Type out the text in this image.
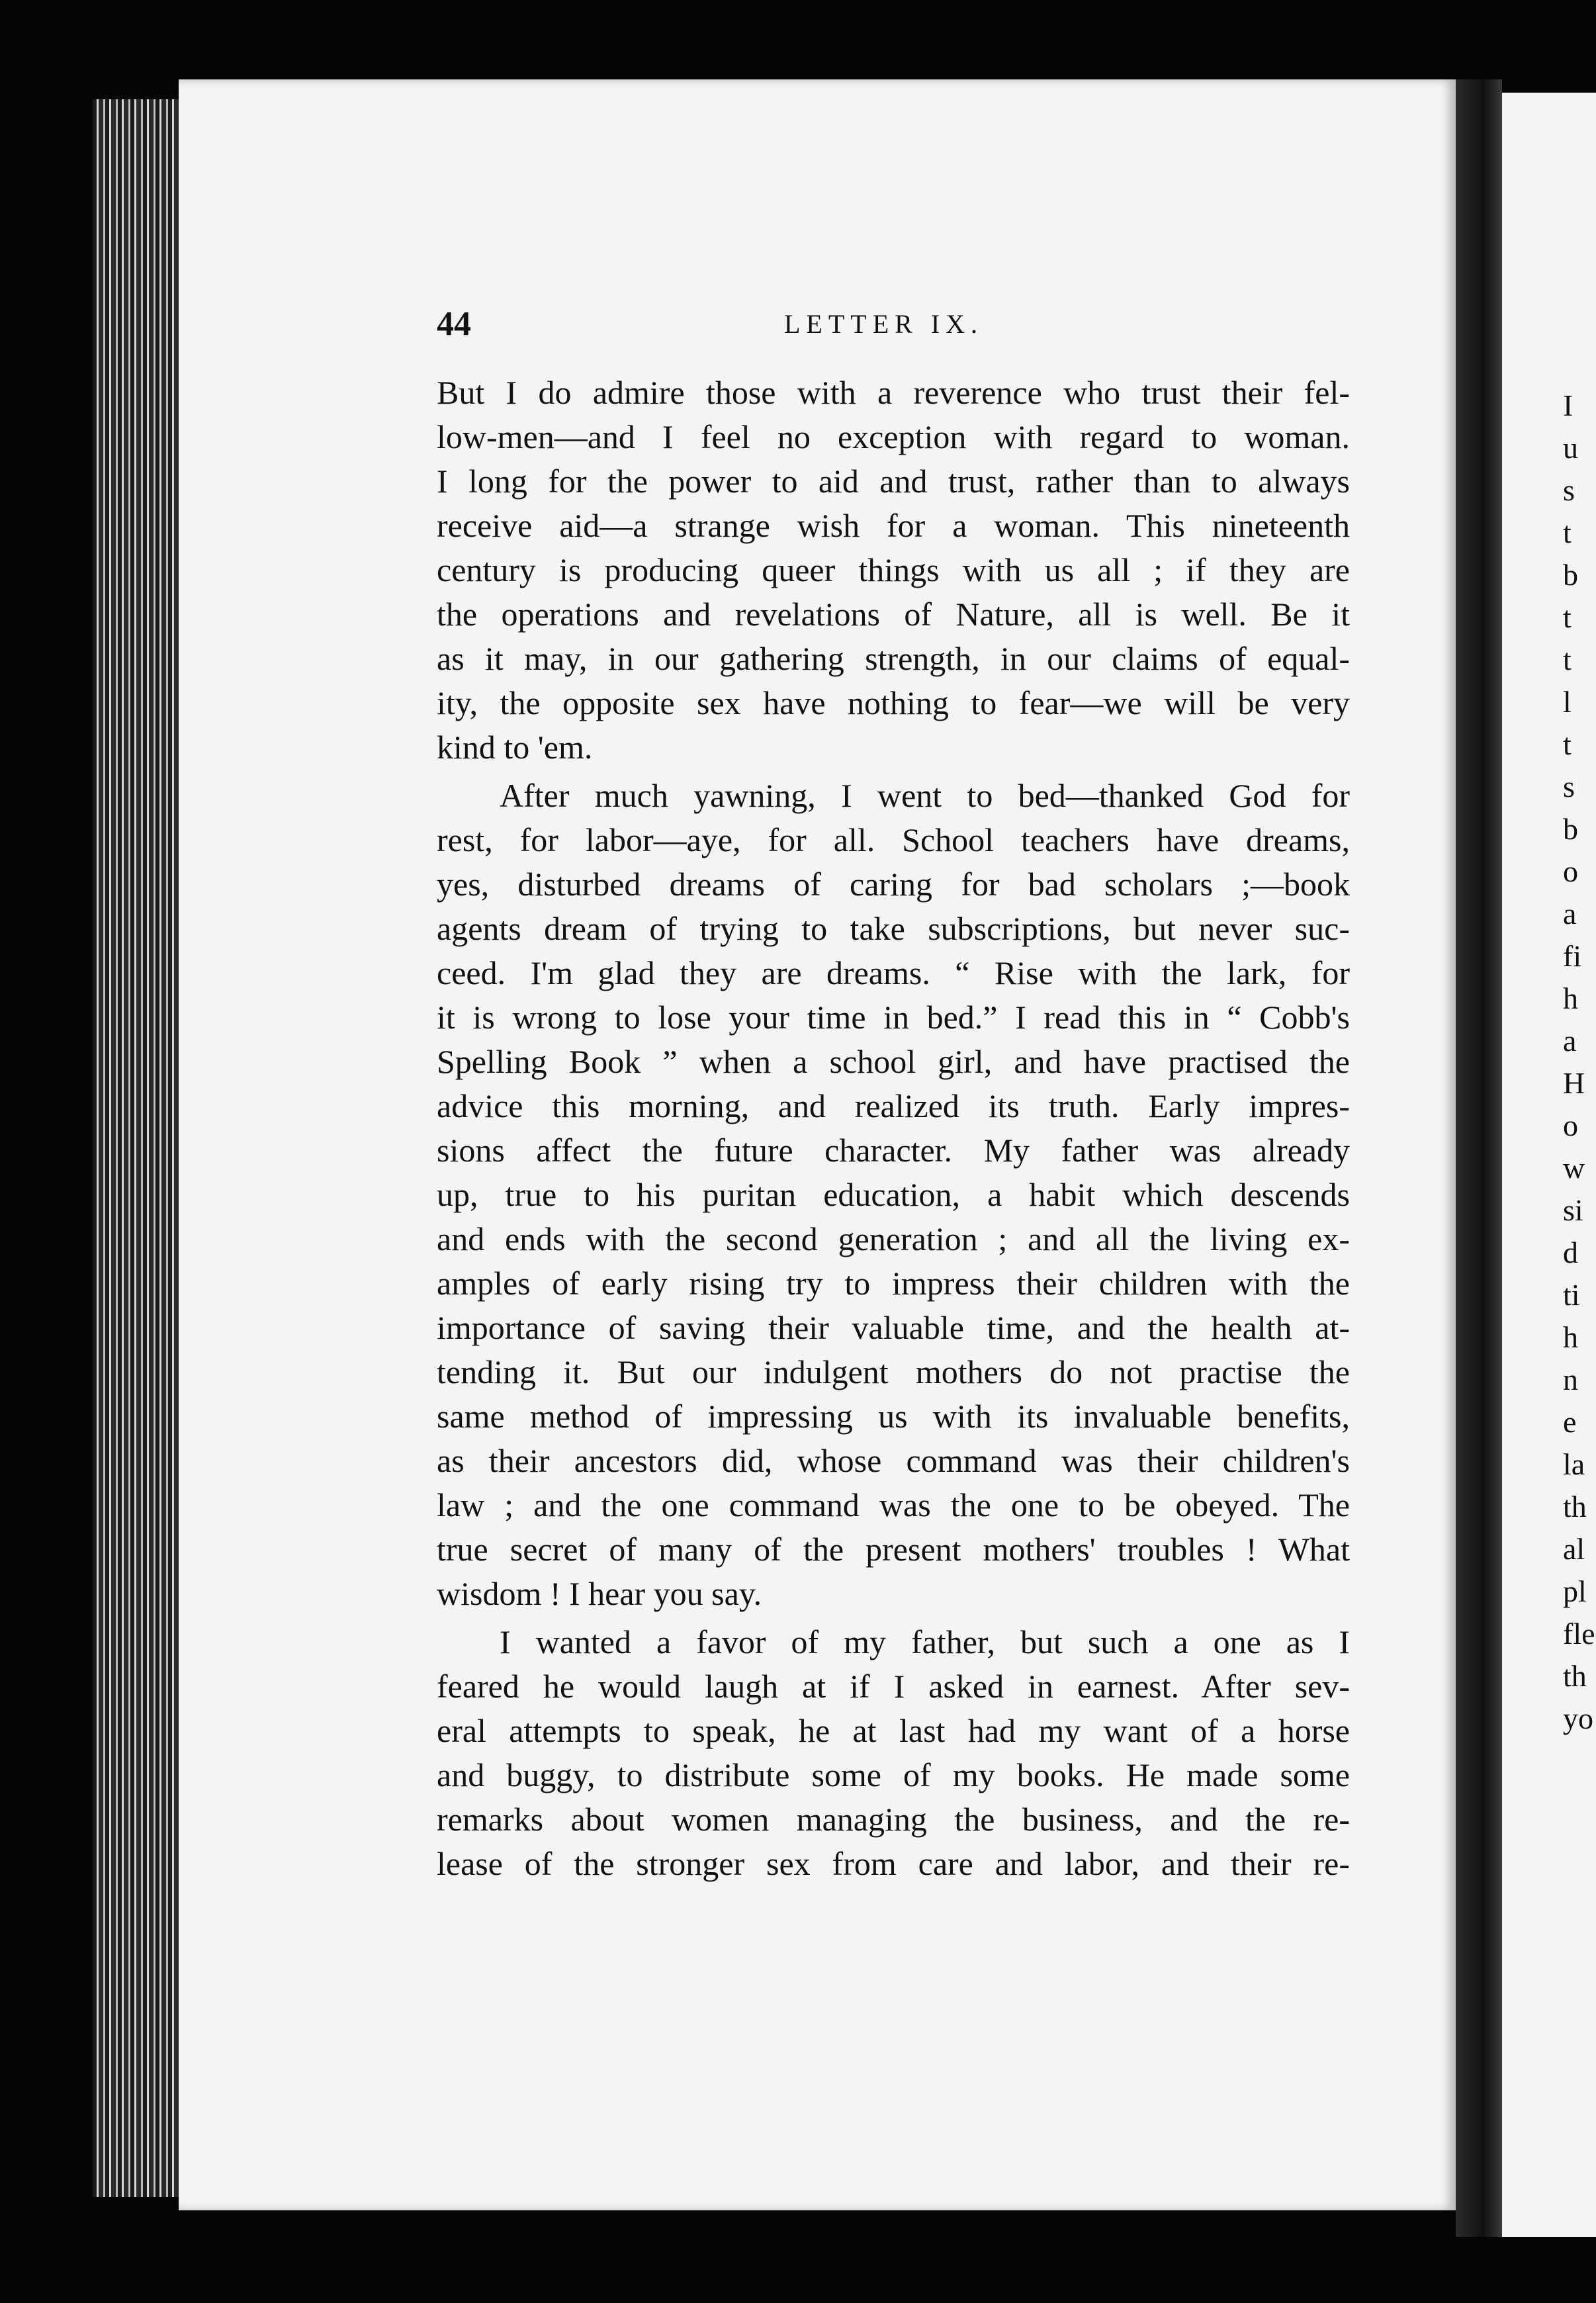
I
u
s
t
b
t
t
l
t
s
b
o
a
fi
h
a
H
o
w
si
d
ti
h
n
e
la
th
al
pl
fle
th
yo
44	LETTER IX.
But I do admire those with a reverence who trust their fel-
low-men—and I feel no exception with regard to woman.
I long for the power to aid and trust, rather than to always
receive aid—a strange wish for a woman. This nineteenth
century is producing queer things with us all ; if they are
the operations and revelations of Nature, all is well. Be it
as it may, in our gathering strength, in our claims of equal-
ity, the opposite sex have nothing to fear—we will be very
kind to 'em.
After much yawning, I went to bed—thanked God for
rest, for labor—aye, for all. School teachers have dreams,
yes, disturbed dreams of caring for bad scholars ;—book
agents dream of trying to take subscriptions, but never suc-
ceed. I'm glad they are dreams. “ Rise with the lark, for
it is wrong to lose your time in bed.” I read this in “ Cobb's
Spelling Book ” when a school girl, and have practised the
advice this morning, and realized its truth. Early impres-
sions affect the future character. My father was already
up, true to his puritan education, a habit which descends
and ends with the second generation ; and all the living ex-
amples of early rising try to impress their children with the
importance of saving their valuable time, and the health at-
tending it. But our indulgent mothers do not practise the
same method of impressing us with its invaluable benefits,
as their ancestors did, whose command was their children's
law ; and the one command was the one to be obeyed. The
true secret of many of the present mothers' troubles ! What
wisdom ! I hear you say.
I wanted a favor of my father, but such a one as I
feared he would laugh at if I asked in earnest. After sev-
eral attempts to speak, he at last had my want of a horse
and buggy, to distribute some of my books. He made some
remarks about women managing the business, and the re-
lease of the stronger sex from care and labor, and their re-
